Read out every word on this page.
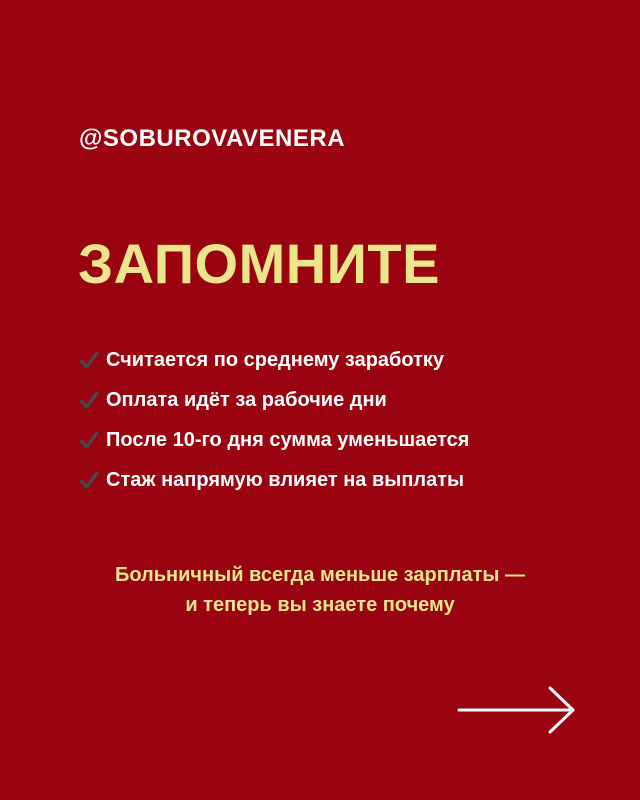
@SOBUROVAVENERA
ЗАПОМНИТЕ
Считается по среднему заработку
Оплата идёт за рабочие дни
После 10-го дня сумма уменьшается
Стаж напрямую влияет на выплаты
Больничный всегда меньше зарплаты —
и теперь вы знаете почему
